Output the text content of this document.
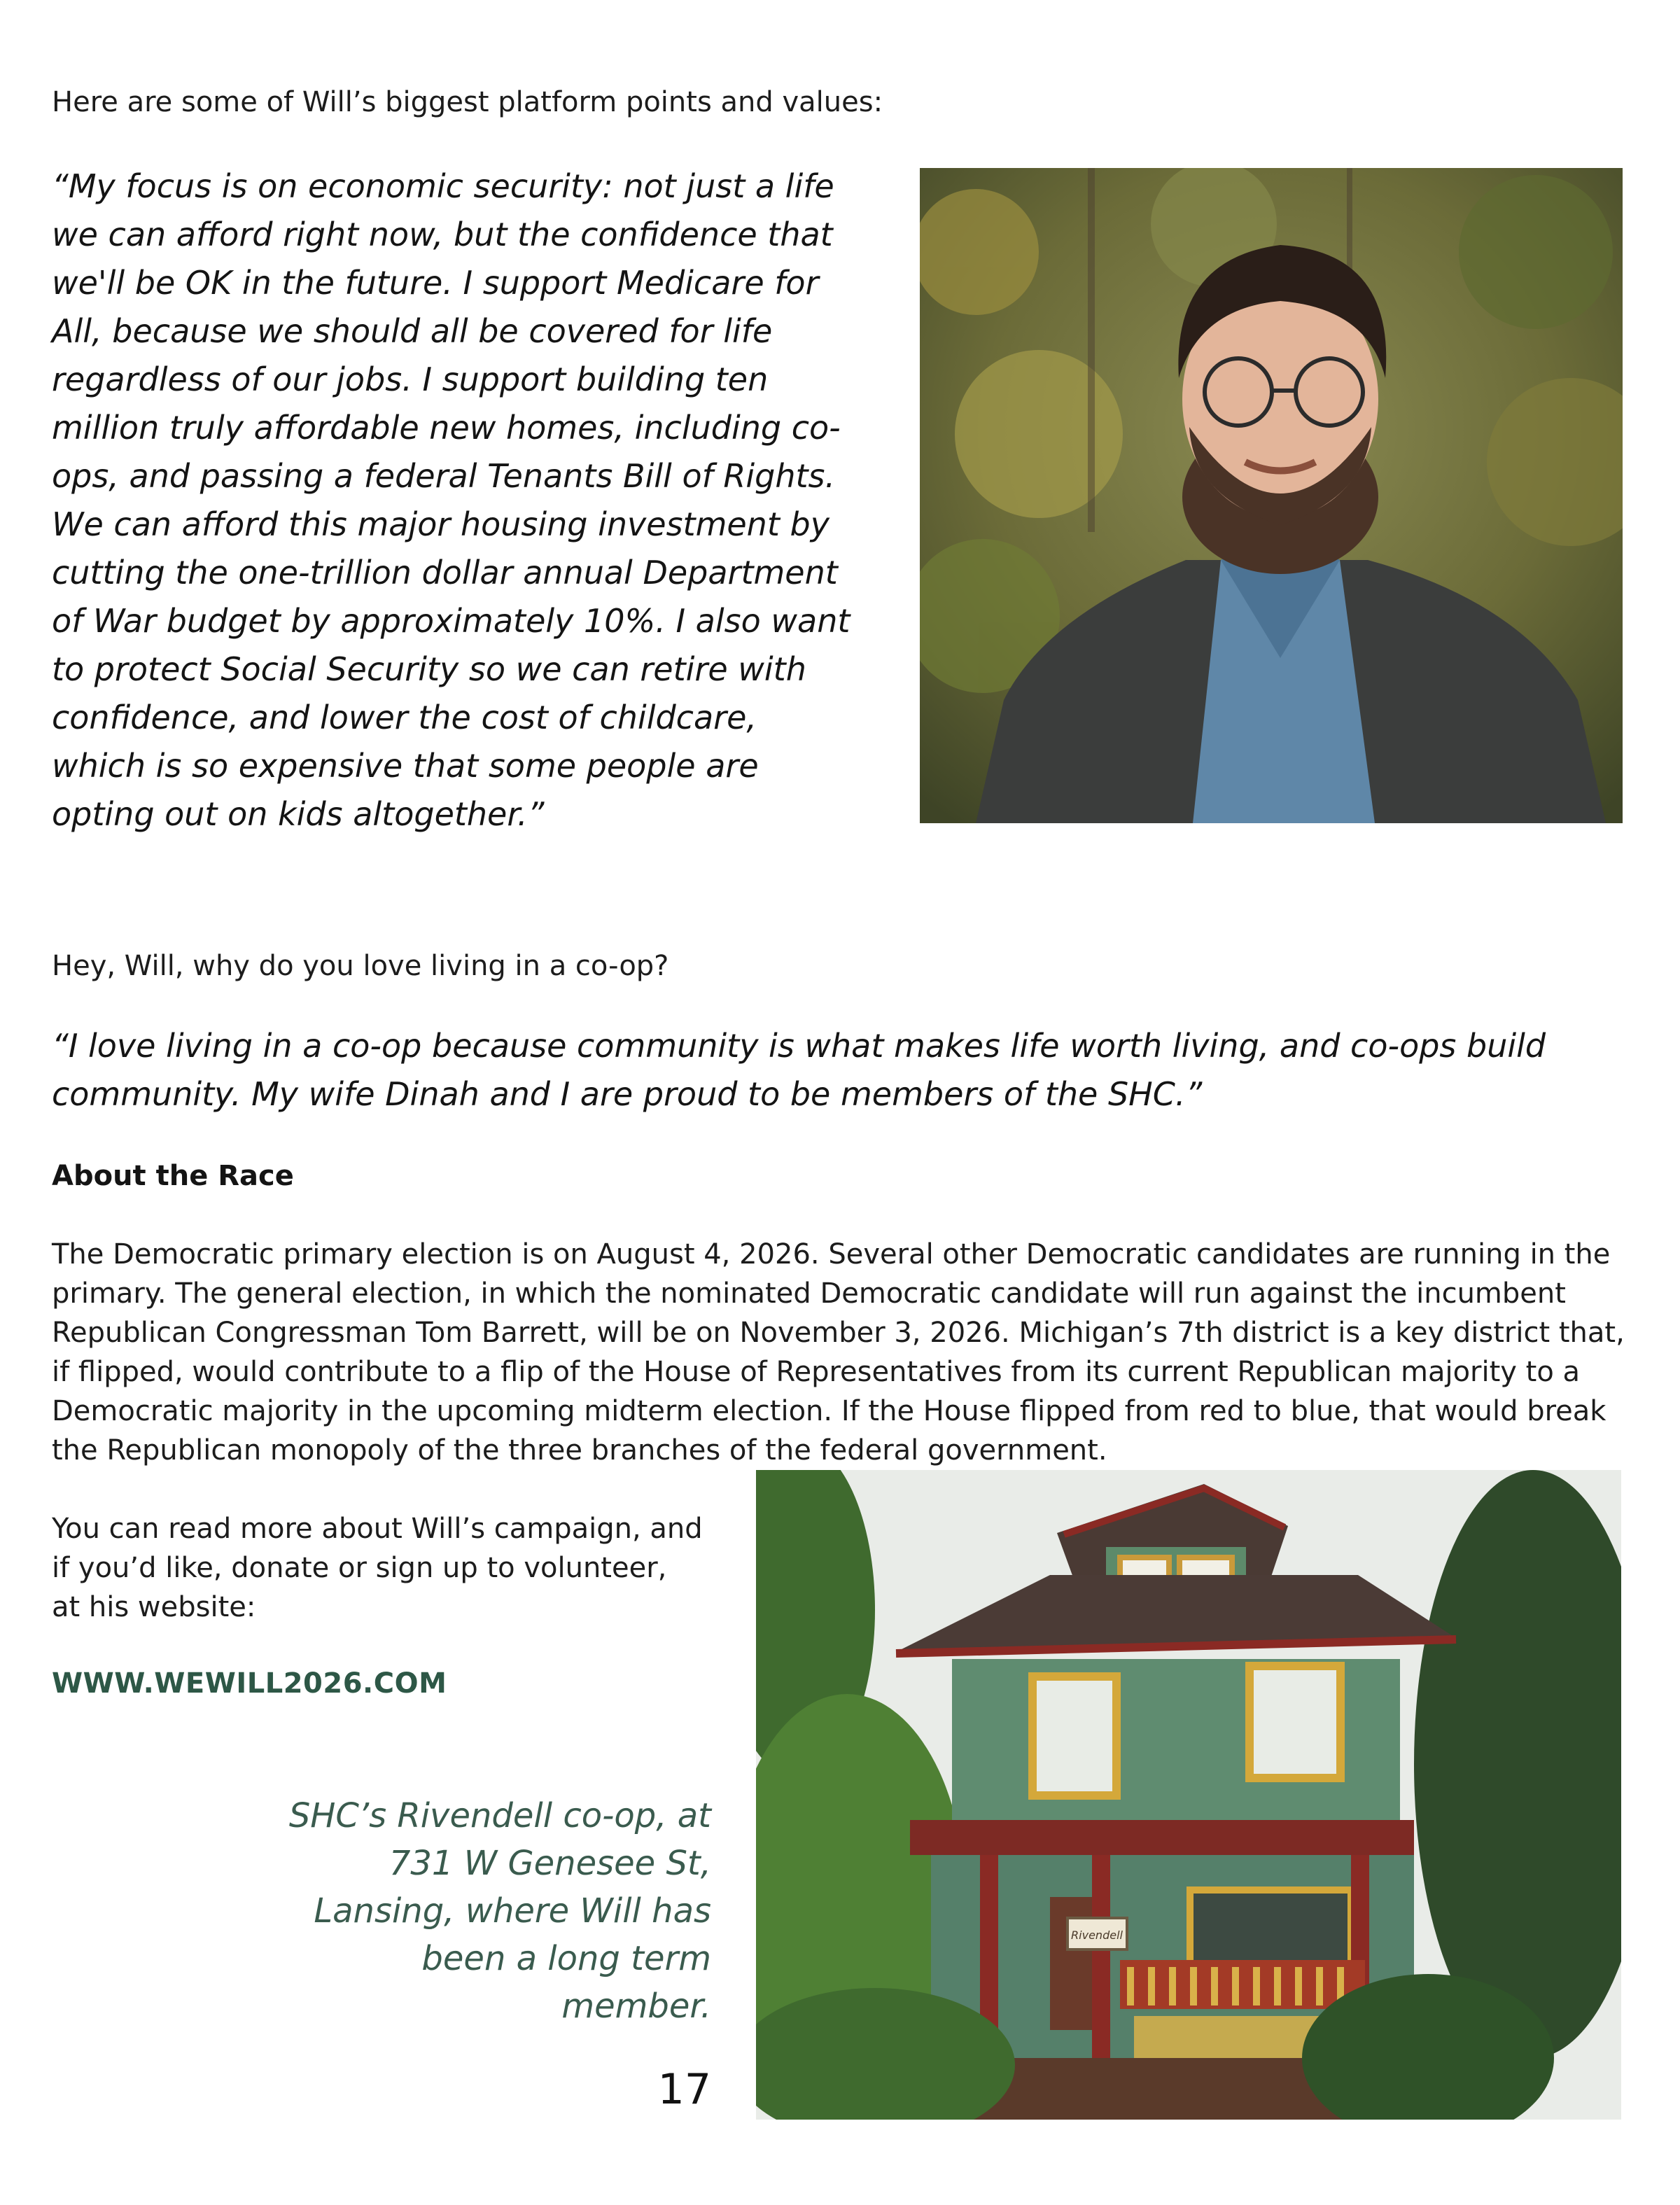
Here are some of Will’s biggest platform points and values:
“My focus is on economic security: not just a life we can afford right now, but the confidence that we'll be OK in the future. I support Medicare for All, because we should all be covered for life regardless of our jobs. I support building ten million truly affordable new homes, including co-ops, and passing a federal Tenants Bill of Rights. We can afford this major housing investment by cutting the one-trillion dollar annual Department of War budget by approximately 10%. I also want to protect Social Security so we can retire with confidence, and lower the cost of childcare, which is so expensive that some people are opting out on kids altogether.”
Hey, Will, why do you love living in a co-op?
“I love living in a co-op because community is what makes life worth living, and co-ops build community. My wife Dinah and I are proud to be members of the SHC.”
About the Race
The Democratic primary election is on August 4, 2026. Several other Democratic candidates are running in the primary. The general election, in which the nominated Democratic candidate will run against the incumbent Republican Congressman Tom Barrett, will be on November 3, 2026. Michigan’s 7th district is a key district that, if flipped, would contribute to a flip of the House of Representatives from its current Republican majority to a Democratic majority in the upcoming midterm election. If the House flipped from red to blue, that would break the Republican monopoly of the three branches of the federal government.
You can read more about Will’s campaign, and
if you’d like, donate or sign up to volunteer,
at his website:
WWW.WEWILL2026.COM
SHC’s Rivendell co-op, at
731 W Genesee St,
Lansing, where Will has
been a long term
member.
17
Rivendell
